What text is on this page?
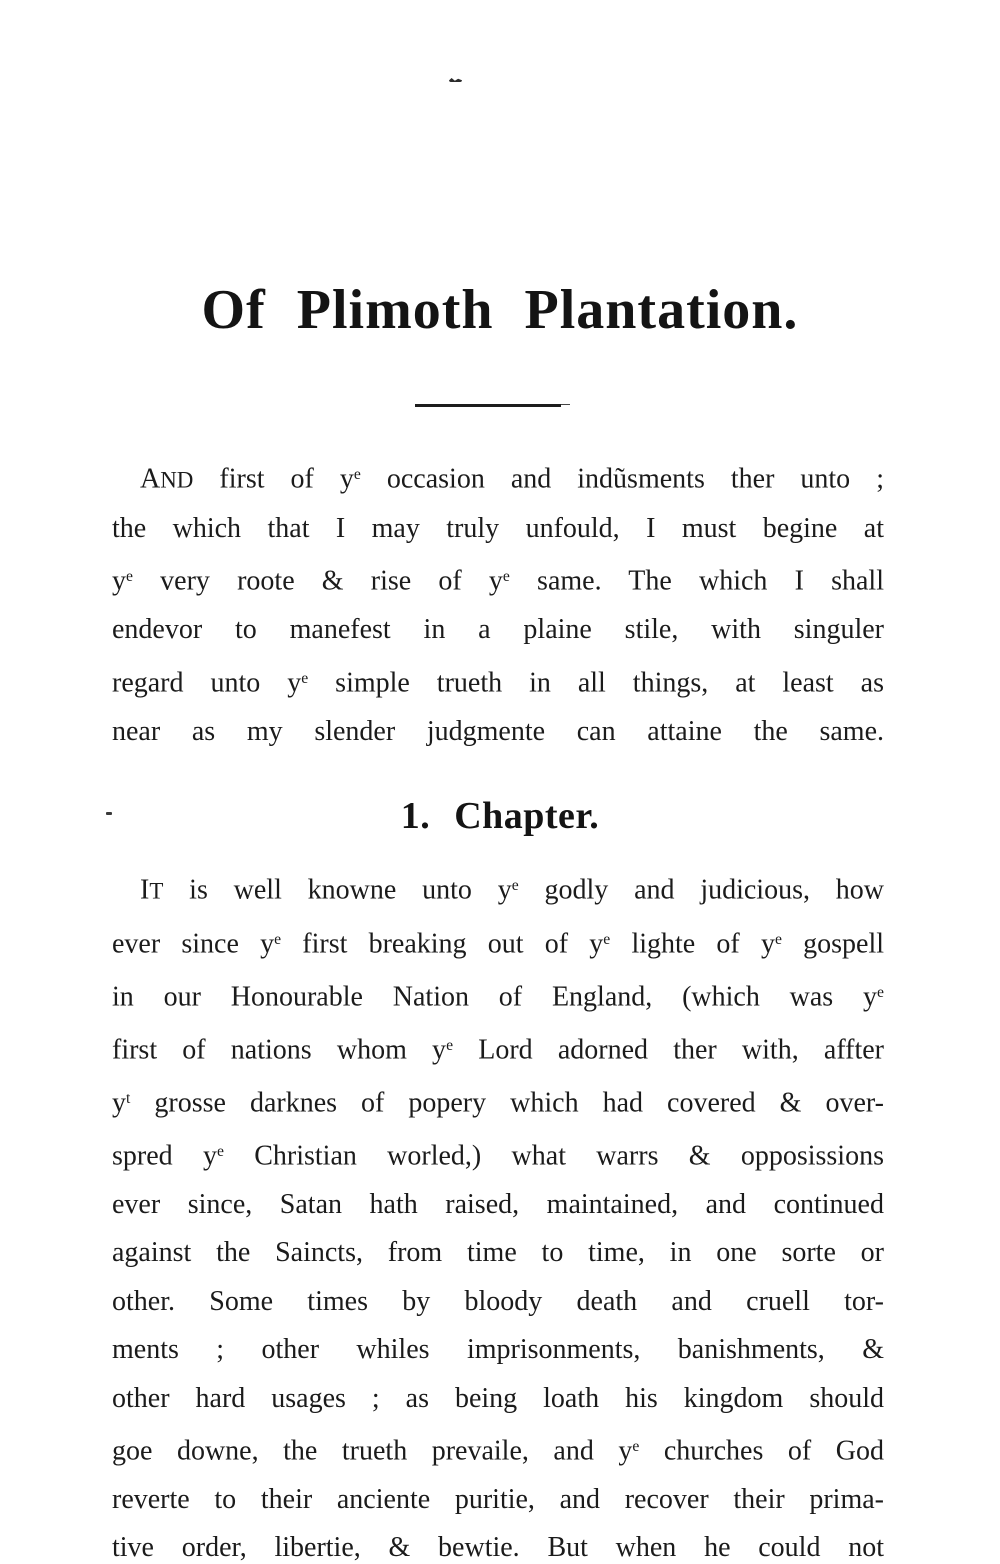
Of Plimoth Plantation.
AND first of $y^e$ occasion and indũsments ther unto ;
the which that I may truly unfould, I must begine at
$y^e$ very roote & rise of $y^e$ same. The which I shall
endevor to manefest in a plaine stile, with singuler
regard unto $y^e$ simple trueth in all things, at least as
near as my slender judgmente can attaine the same.
1. Chapter.
IT is well knowne unto $y^e$ godly and judicious, how
ever since $y^e$ first breaking out of $y^e$ lighte of $y^e$ gospell
in our Honourable Nation of England, (which was $y^e$
first of nations whom $y^e$ Lord adorned ther with, affter
$y^t$ grosse darknes of popery which had covered & over-
spred $y^e$ Christian worled,) what warrs & opposissions
ever since, Satan hath raised, maintained, and continued
against the Saincts, from time to time, in one sorte or
other. Some times by bloody death and cruell tor-
ments ; other whiles imprisonments, banishments, &
other hard usages ; as being loath his kingdom should
goe downe, the trueth prevaile, and $y^e$ churches of God
reverte to their anciente puritie, and recover their prima-
tive order, libertie, & bewtie. But when he could not
